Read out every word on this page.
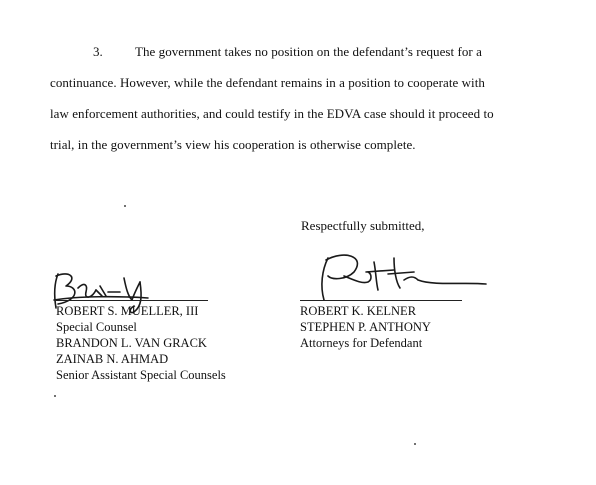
3. The government takes no position on the defendant’s request for a
continuance. However, while the defendant remains in a position to cooperate with
law enforcement authorities, and could testify in the EDVA case should it proceed to
trial, in the government’s view his cooperation is otherwise complete.
Respectfully submitted,
ROBERT S. MUELLER, III
Special Counsel
BRANDON L. VAN GRACK
ZAINAB N. AHMAD
Senior Assistant Special Counsels
ROBERT K. KELNER
STEPHEN P. ANTHONY
Attorneys for Defendant
